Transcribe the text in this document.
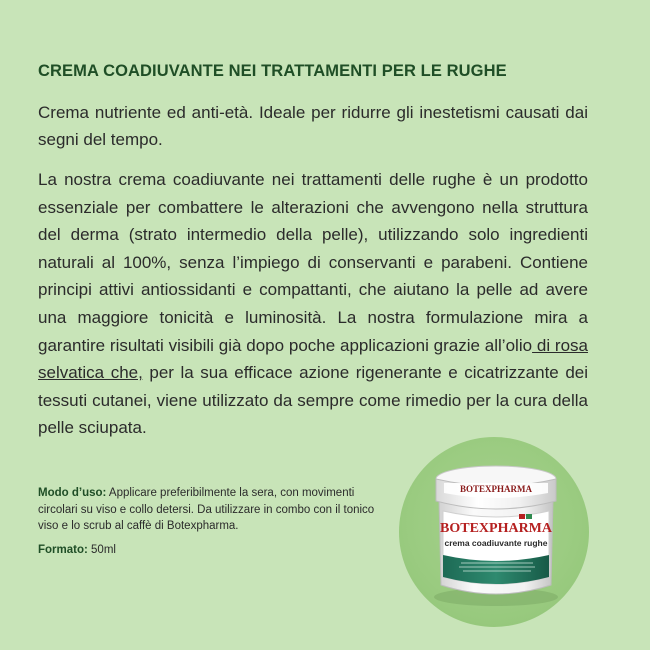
CREMA COADIUVANTE NEI TRATTAMENTI PER LE RUGHE
Crema nutriente ed anti-età. Ideale per ridurre gli inestetismi causati dai segni del tempo.
La nostra crema coadiuvante nei trattamenti delle rughe è un prodotto essenziale per combattere le alterazioni che avvengono nella struttura del derma (strato intermedio della pelle), utilizzando solo ingredienti naturali al 100%, senza l’impiego di conservanti e parabeni. Contiene principi attivi antiossidanti e compattanti, che aiutano la pelle ad avere una maggiore tonicità e luminosità. La nostra formulazione mira a garantire risultati visibili già dopo poche applicazioni grazie all’olio di rosa selvatica che, per la sua efficace azione rigenerante e cicatrizzante dei tessuti cutanei, viene utilizzato da sempre come rimedio per la cura della pelle sciupata.
Modo d’uso: Applicare preferibilmente la sera, con movimenti circolari su viso e collo detersi. Da utilizzare in combo con il tonico viso e lo scrub al caffè di Botexpharma.
Formato: 50ml
BOTEXPHARMA
BOTEXPHARMA
crema coadiuvante rughe
